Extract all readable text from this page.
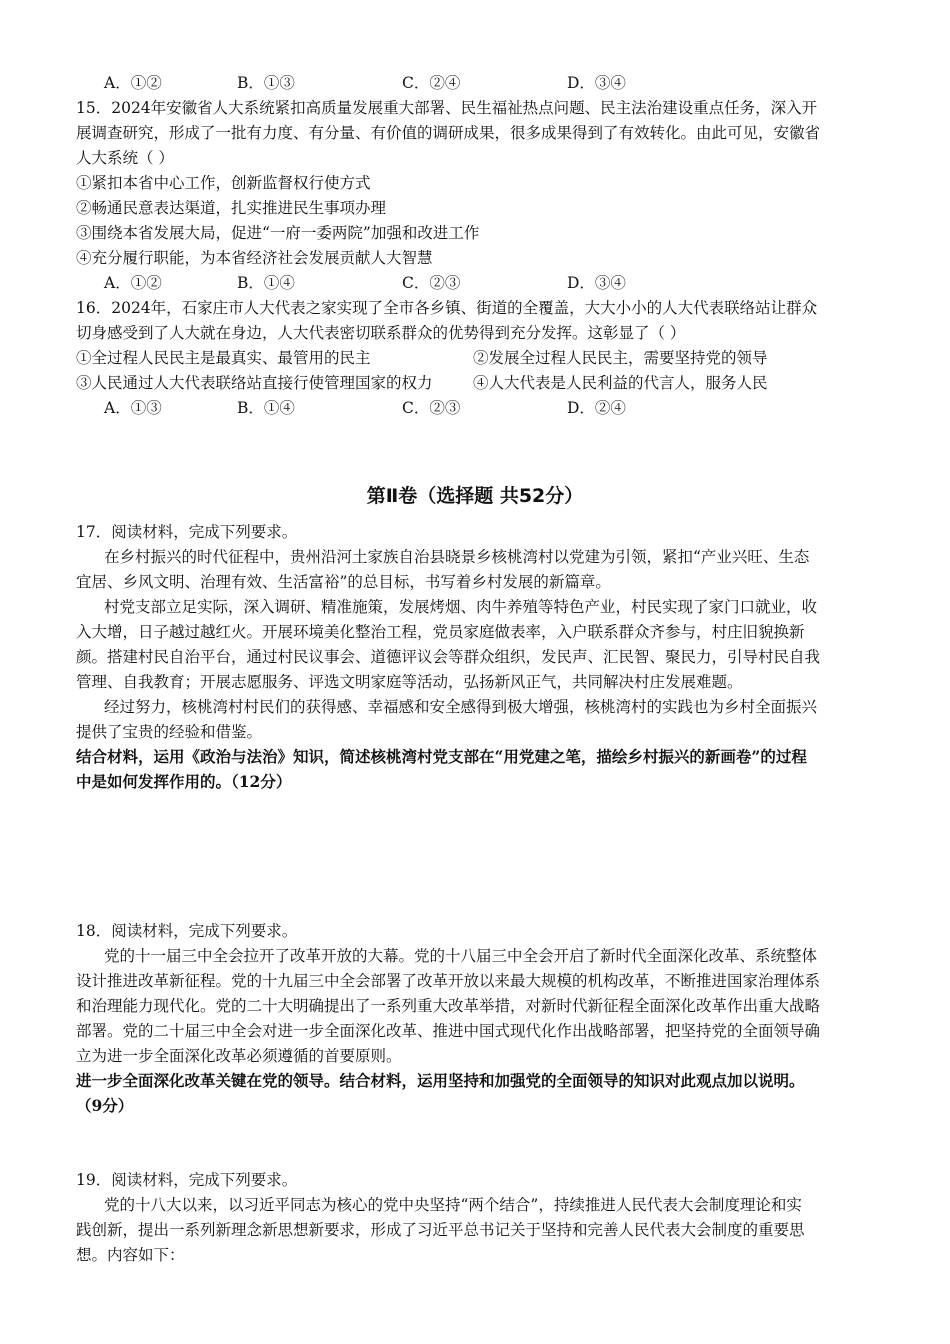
A．①②	B．①③	C．②④	D．③④
15．2024年安徽省人大系统紧扣高质量发展重大部署、民生福祉热点问题、民主法治建设重点任务，深入开
展调查研究，形成了一批有力度、有分量、有价值的调研成果，很多成果得到了有效转化。由此可见，安徽省
人大系统（ ）
①紧扣本省中心工作，创新监督权行使方式
②畅通民意表达渠道，扎实推进民生事项办理
③围绕本省发展大局，促进“一府一委两院”加强和改进工作
④充分履行职能，为本省经济社会发展贡献人大智慧
A．①②	B．①④	C．②③	D．③④
16．2024年，石家庄市人大代表之家实现了全市各乡镇、街道的全覆盖，大大小小的人大代表联络站让群众
切身感受到了人大就在身边，人大代表密切联系群众的优势得到充分发挥。这彰显了（ ）
①全过程人民民主是最真实、最管用的民主	②发展全过程人民民主，需要坚持党的领导
③人民通过人大代表联络站直接行使管理国家的权力	④人大代表是人民利益的代言人，服务人民
A．①③	B．①④	C．②③	D．②④
第Ⅱ卷（选择题 共52分）
17．阅读材料，完成下列要求。
在乡村振兴的时代征程中，贵州沿河土家族自治县晓景乡核桃湾村以党建为引领，紧扣“产业兴旺、生态
宜居、乡风文明、治理有效、生活富裕”的总目标，书写着乡村发展的新篇章。
村党支部立足实际，深入调研、精准施策，发展烤烟、肉牛养殖等特色产业，村民实现了家门口就业，收
入大增，日子越过越红火。开展环境美化整治工程，党员家庭做表率，入户联系群众齐参与，村庄旧貌换新
颜。搭建村民自治平台，通过村民议事会、道德评议会等群众组织，发民声、汇民智、聚民力，引导村民自我
管理、自我教育；开展志愿服务、评选文明家庭等活动，弘扬新风正气，共同解决村庄发展难题。
经过努力，核桃湾村村民们的获得感、幸福感和安全感得到极大增强，核桃湾村的实践也为乡村全面振兴
提供了宝贵的经验和借鉴。
结合材料，运用《政治与法治》知识，简述核桃湾村党支部在“用党建之笔，描绘乡村振兴的新画卷”的过程
中是如何发挥作用的。（12分）
18．阅读材料，完成下列要求。
党的十一届三中全会拉开了改革开放的大幕。党的十八届三中全会开启了新时代全面深化改革、系统整体
设计推进改革新征程。党的十九届三中全会部署了改革开放以来最大规模的机构改革，不断推进国家治理体系
和治理能力现代化。党的二十大明确提出了一系列重大改革举措，对新时代新征程全面深化改革作出重大战略
部署。党的二十届三中全会对进一步全面深化改革、推进中国式现代化作出战略部署，把坚持党的全面领导确
立为进一步全面深化改革必须遵循的首要原则。
进一步全面深化改革关键在党的领导。结合材料，运用坚持和加强党的全面领导的知识对此观点加以说明。
（9分）
19．阅读材料，完成下列要求。
党的十八大以来，以习近平同志为核心的党中央坚持“两个结合”，持续推进人民代表大会制度理论和实
践创新，提出一系列新理念新思想新要求，形成了习近平总书记关于坚持和完善人民代表大会制度的重要思
想。内容如下：
